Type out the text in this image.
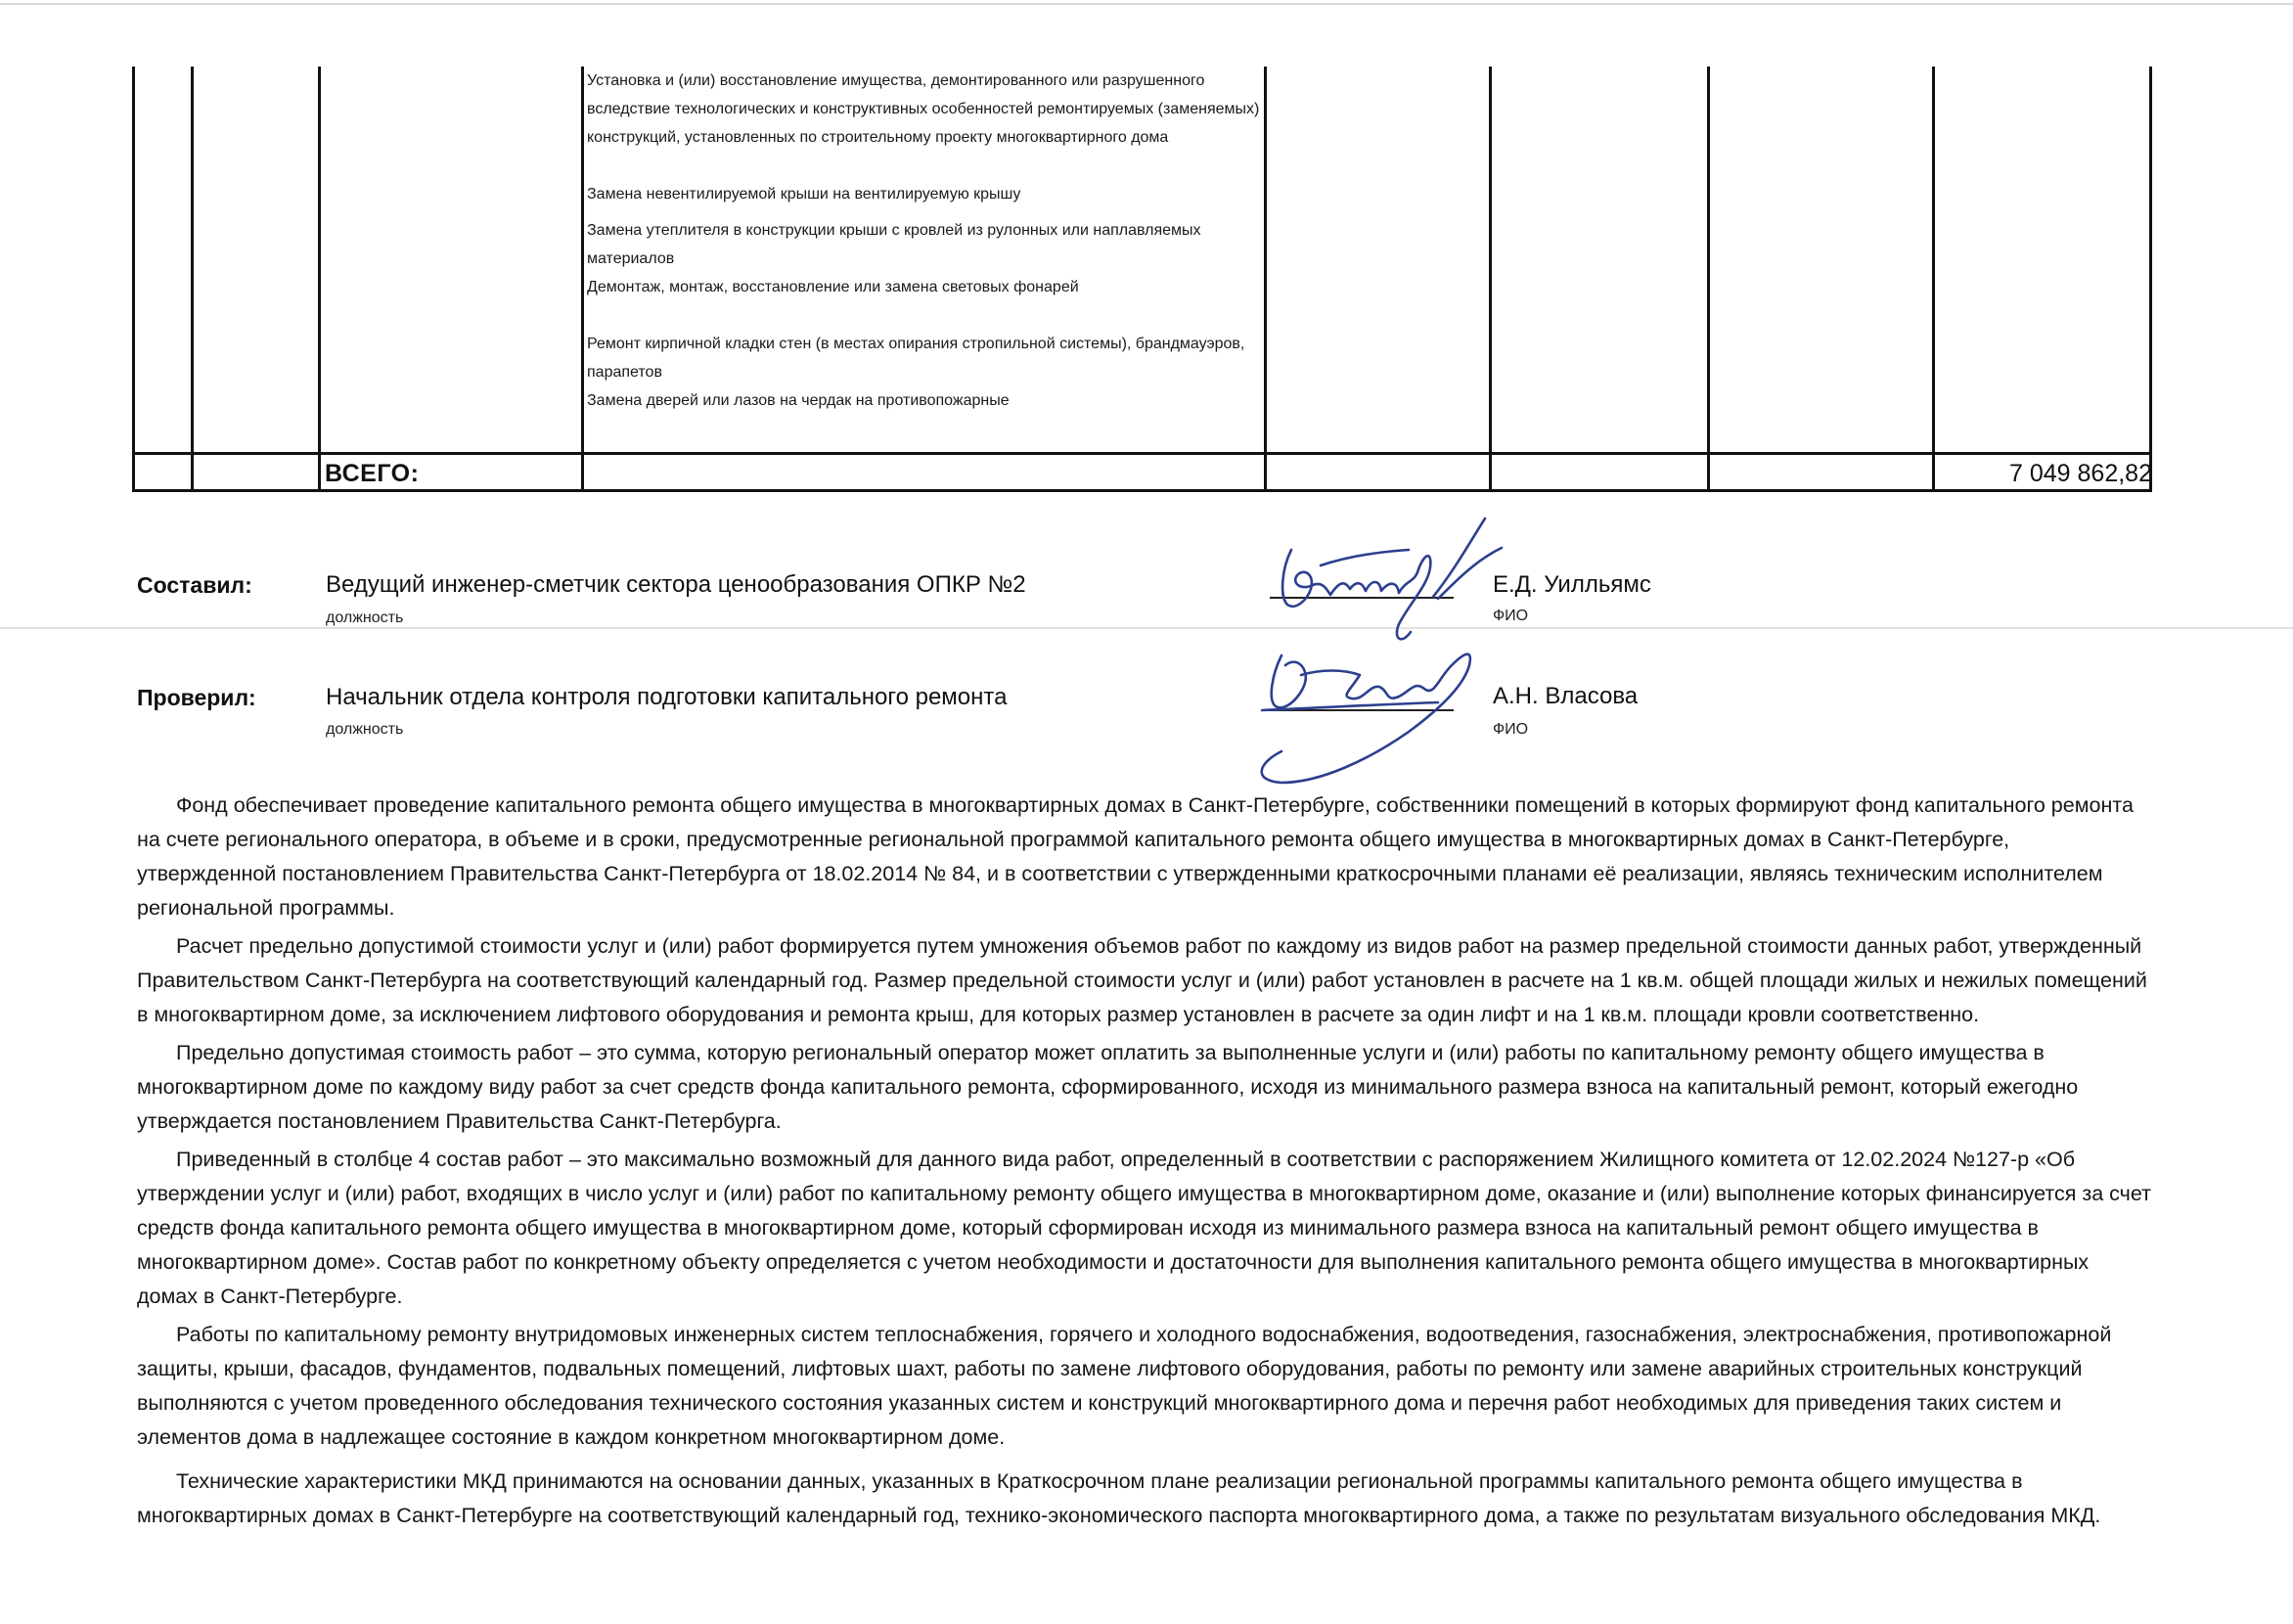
Установка и (или) восстановление имущества, демонтированного или разрушенного вследствие технологических и конструктивных особенностей ремонтируемых (заменяемых) конструкций, установленных по строительному проекту многоквартирного дома

Замена невентилируемой крыши на вентилируемую крышу

Замена утеплителя в конструкции крыши с кровлей из рулонных или наплавляемых материалов

Демонтаж, монтаж, восстановление или замена световых фонарей

Ремонт кирпичной кладки стен (в местах опирания стропильной системы), брандмауэров, парапетов

Замена дверей или лазов на чердак на противопожарные

ВСЕГО:	7 049 862,82
Составил:	Ведущий инженер-сметчик сектора ценообразования ОПКР №2
должность
Е.Д. Уилльямс
ФИО
Проверил:	Начальник отдела контроля подготовки капитального ремонта
должность
А.Н. Власова
ФИО

Фонд обеспечивает проведение капитального ремонта общего имущества в многоквартирных домах в Санкт-Петербурге, собственники помещений в которых формируют фонд капитального ремонта на счете регионального оператора, в объеме и в сроки, предусмотренные региональной программой капитального ремонта общего имущества в многоквартирных домах в Санкт-Петербурге, утвержденной постановлением Правительства Санкт-Петербурга от 18.02.2014 № 84, и в соответствии с утвержденными краткосрочными планами её реализации, являясь техническим исполнителем региональной программы.

Расчет предельно допустимой стоимости услуг и (или) работ формируется путем умножения объемов работ по каждому из видов работ на размер предельной стоимости данных работ, утвержденный Правительством Санкт-Петербурга на соответствующий календарный год. Размер предельной стоимости услуг и (или) работ установлен в расчете на 1 кв.м. общей площади жилых и нежилых помещений в многоквартирном доме, за исключением лифтового оборудования и ремонта крыш, для которых размер установлен в расчете за один лифт и на 1 кв.м. площади кровли соответственно.

Предельно допустимая стоимость работ – это сумма, которую региональный оператор может оплатить за выполненные услуги и (или) работы по капитальному ремонту общего имущества в многоквартирном доме по каждому виду работ за счет средств фонда капитального ремонта, сформированного, исходя из минимального размера взноса на капитальный ремонт, который ежегодно утверждается постановлением Правительства Санкт-Петербурга.

Приведенный в столбце 4 состав работ – это максимально возможный для данного вида работ, определенный в соответствии с распоряжением Жилищного комитета от 12.02.2024 №127-р «Об утверждении услуг и (или) работ, входящих в число услуг и (или) работ по капитальному ремонту общего имущества в многоквартирном доме, оказание и (или) выполнение которых финансируется за счет средств фонда капитального ремонта общего имущества в многоквартирном доме, который сформирован исходя из минимального размера взноса на капитальный ремонт общего имущества в многоквартирном доме». Состав работ по конкретному объекту определяется с учетом необходимости и достаточности для выполнения капитального ремонта общего имущества в многоквартирных домах в Санкт-Петербурге.

Работы по капитальному ремонту внутридомовых инженерных систем теплоснабжения, горячего и холодного водоснабжения, водоотведения, газоснабжения, электроснабжения, противопожарной защиты, крыши, фасадов, фундаментов, подвальных помещений, лифтовых шахт, работы по замене лифтового оборудования, работы по ремонту или замене аварийных строительных конструкций выполняются с учетом проведенного обследования технического состояния указанных систем и конструкций многоквартирного дома и перечня работ необходимых для приведения таких систем и элементов дома в надлежащее состояние в каждом конкретном многоквартирном доме.

Технические характеристики МКД принимаются на основании данных, указанных в Краткосрочном плане реализации региональной программы капитального ремонта общего имущества в многоквартирных домах в Санкт-Петербурге на соответствующий календарный год, технико-экономического паспорта многоквартирного дома, а также по результатам визуального обследования МКД.
